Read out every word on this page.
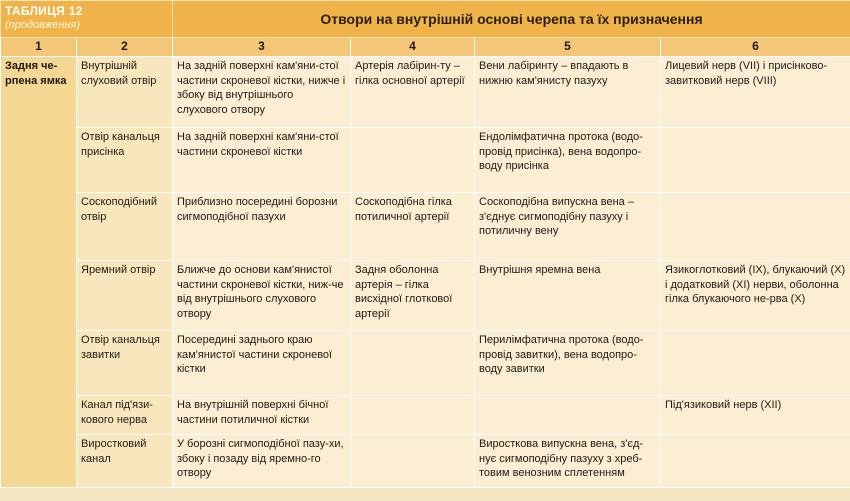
ТАБЛИЦЯ 12
(продовження)		Отвори на внутрішній основі черепа та їх призначення			
1	2	3	4	5	6
Задня че-рпена ямка	Внутрішній слуховий отвір	На задній поверхні кам'яни-стої частини скроневої кістки, нижче і збоку від внутрішнього слухового отвору	Артерія лабірин-ту – гілка основної артерії	Вени лабіринту – впадають в нижню кам'янисту пазуху	Лицевий нерв (VII) і присінково-завитковий нерв (VIII)
	Отвір канальця присінка	На задній поверхні кам'яни-стої частини скроневої кістки		Ендолімфатична протока (водо-провід присінка), вена водопро-воду присінка	
	Соскоподібний отвір	Приблизно посередині борозни сигмоподібної пазухи	Соскоподібна гілка потиличної артерії	Соскоподібна випускна вена – з'єднує сигмоподібну пазуху і потиличну вену	
	Яремний отвір	Ближче до основи кам'янистої частини скроневої кістки, ниж-че від внутрішнього слухового отвору	Задня оболонна артерія – гілка висхідної глоткової артерії	Внутрішня яремна вена	Язикоглотковий (IX), блукаючий (X) і додатковий (XI) нерви, оболонна гілка блукаючого не-рва (X)
	Отвір канальця завитки	Посередині заднього краю кам'янистої частини скроневої кістки		Перилімфатична протока (водо-провід завитки), вена водопро-воду завитки	
	Канал під'язи-кового нерва	На внутрішній поверхні бічної частини потиличної кістки			Під'язиковий нерв (XII)
	Виростковий канал	У борозні сигмоподібної пазу-хи, збоку і позаду від яремно-го отвору		Виросткова випускна вена, з'єд-нує сигмоподібну пазуху з хреб-товим венозним сплетенням	
